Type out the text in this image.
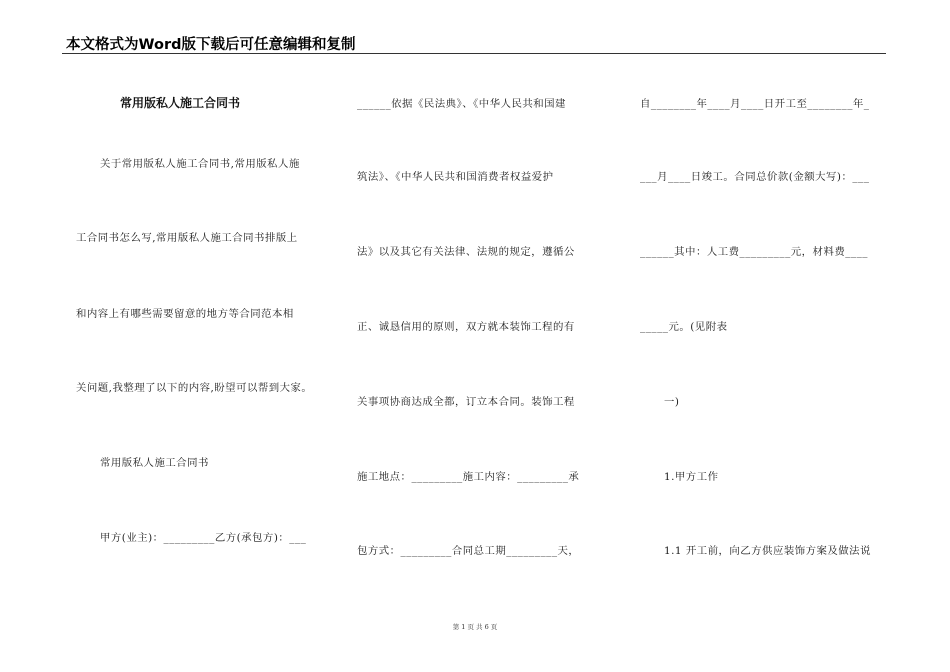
本文格式为Word版下载后可任意编辑和复制
常用版私人施工合同书
关于常用版私人施工合同书,常用版私人施
工合同书怎么写,常用版私人施工合同书排版上
和内容上有哪些需要留意的地方等合同范本相
关问题,我整理了以下的内容,盼望可以帮到大家。
常用版私人施工合同书
甲方(业主)：_________乙方(承包方)：___
______依据《民法典》、《中华人民共和国建
筑法》、《中华人民共和国消费者权益爱护
法》以及其它有关法律、法规的规定，遵循公
正、诚恳信用的原则，双方就本装饰工程的有
关事项协商达成全都，订立本合同。装饰工程
施工地点：_________施工内容：_________承
包方式：_________合同总工期_________天，
自________年____月____日开工至________年_
___月____日竣工。合同总价款(金额大写)：___
______其中：人工费_________元，材料费____
_____元。(见附表
一)
1.甲方工作
1.1 开工前，向乙方供应装饰方案及做法说
第 1 页 共 6 页
